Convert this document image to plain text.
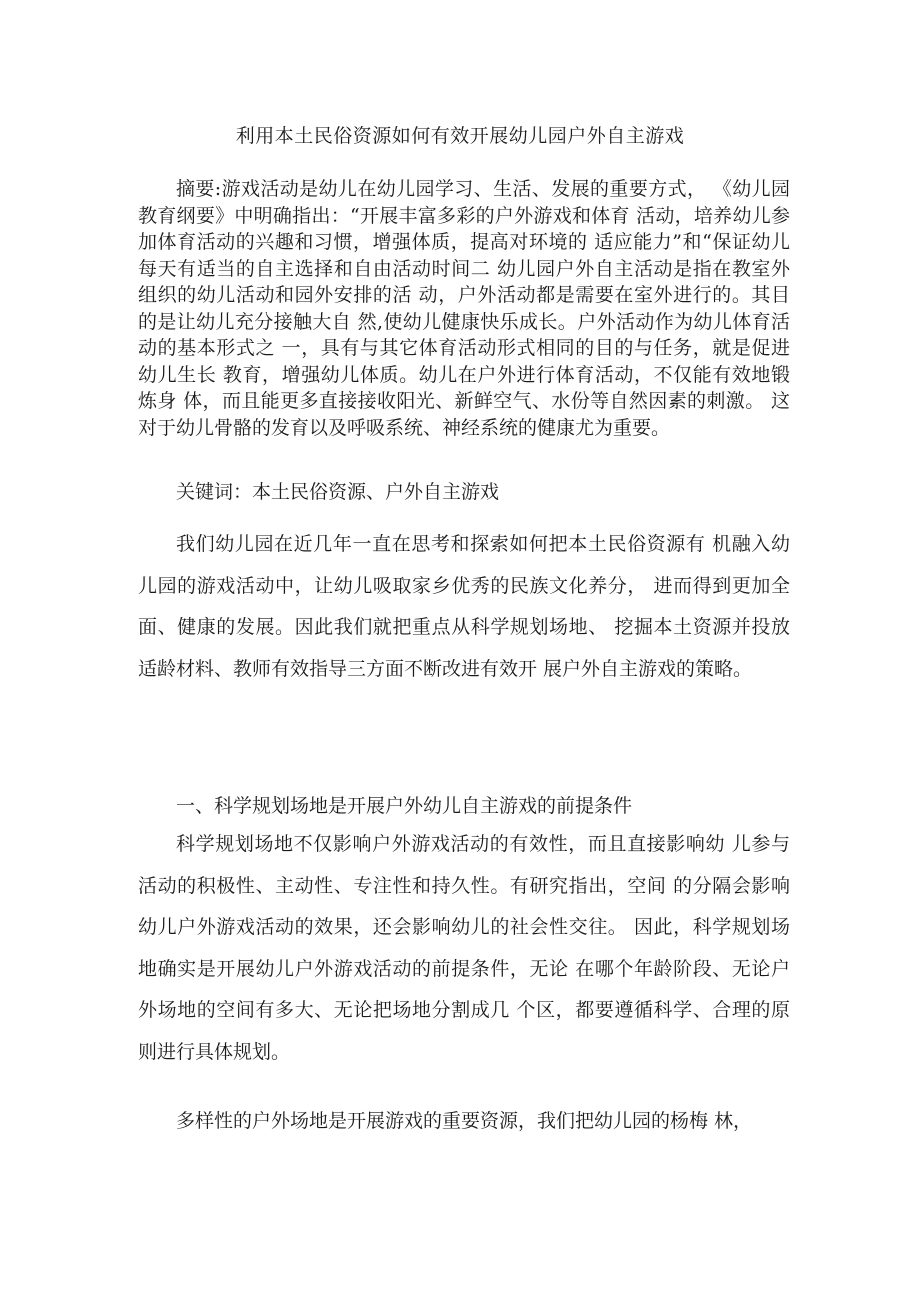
利用本土民俗资源如何有效开展幼儿园户外自主游戏

摘要:游戏活动是幼儿在幼儿园学习、生活、发展的重要方式， 《幼儿园教育纲要》中明确指出：“开展丰富多彩的户外游戏和体育 活动，培养幼儿参加体育活动的兴趣和习惯，增强体质，提高对环境的 适应能力”和“保证幼儿每天有适当的自主选择和自由活动时间二 幼儿园户外自主活动是指在教室外组织的幼儿活动和园外安排的活 动，户外活动都是需要在室外进行的。其目的是让幼儿充分接触大自 然,使幼儿健康快乐成长。户外活动作为幼儿体育活动的基本形式之 一，具有与其它体育活动形式相同的目的与任务，就是促进幼儿生长 教育，增强幼儿体质。幼儿在户外进行体育活动，不仅能有效地锻炼身 体，而且能更多直接接收阳光、新鲜空气、水份等自然因素的刺激。 这对于幼儿骨骼的发育以及呼吸系统、神经系统的健康尤为重要。

关键词：本土民俗资源、户外自主游戏

我们幼儿园在近几年一直在思考和探索如何把本土民俗资源有 机融入幼儿园的游戏活动中，让幼儿吸取家乡优秀的民族文化养分， 进而得到更加全面、健康的发展。因此我们就把重点从科学规划场地、 挖掘本土资源并投放适龄材料、教师有效指导三方面不断改进有效开 展户外自主游戏的策略。

一、科学规划场地是开展户外幼儿自主游戏的前提条件

科学规划场地不仅影响户外游戏活动的有效性，而且直接影响幼 儿参与活动的积极性、主动性、专注性和持久性。有研究指出，空间 的分隔会影响幼儿户外游戏活动的效果，还会影响幼儿的社会性交往。 因此，科学规划场地确实是开展幼儿户外游戏活动的前提条件，无论 在哪个年龄阶段、无论户外场地的空间有多大、无论把场地分割成几 个区，都要遵循科学、合理的原则进行具体规划。

多样性的户外场地是开展游戏的重要资源，我们把幼儿园的杨梅 林，
